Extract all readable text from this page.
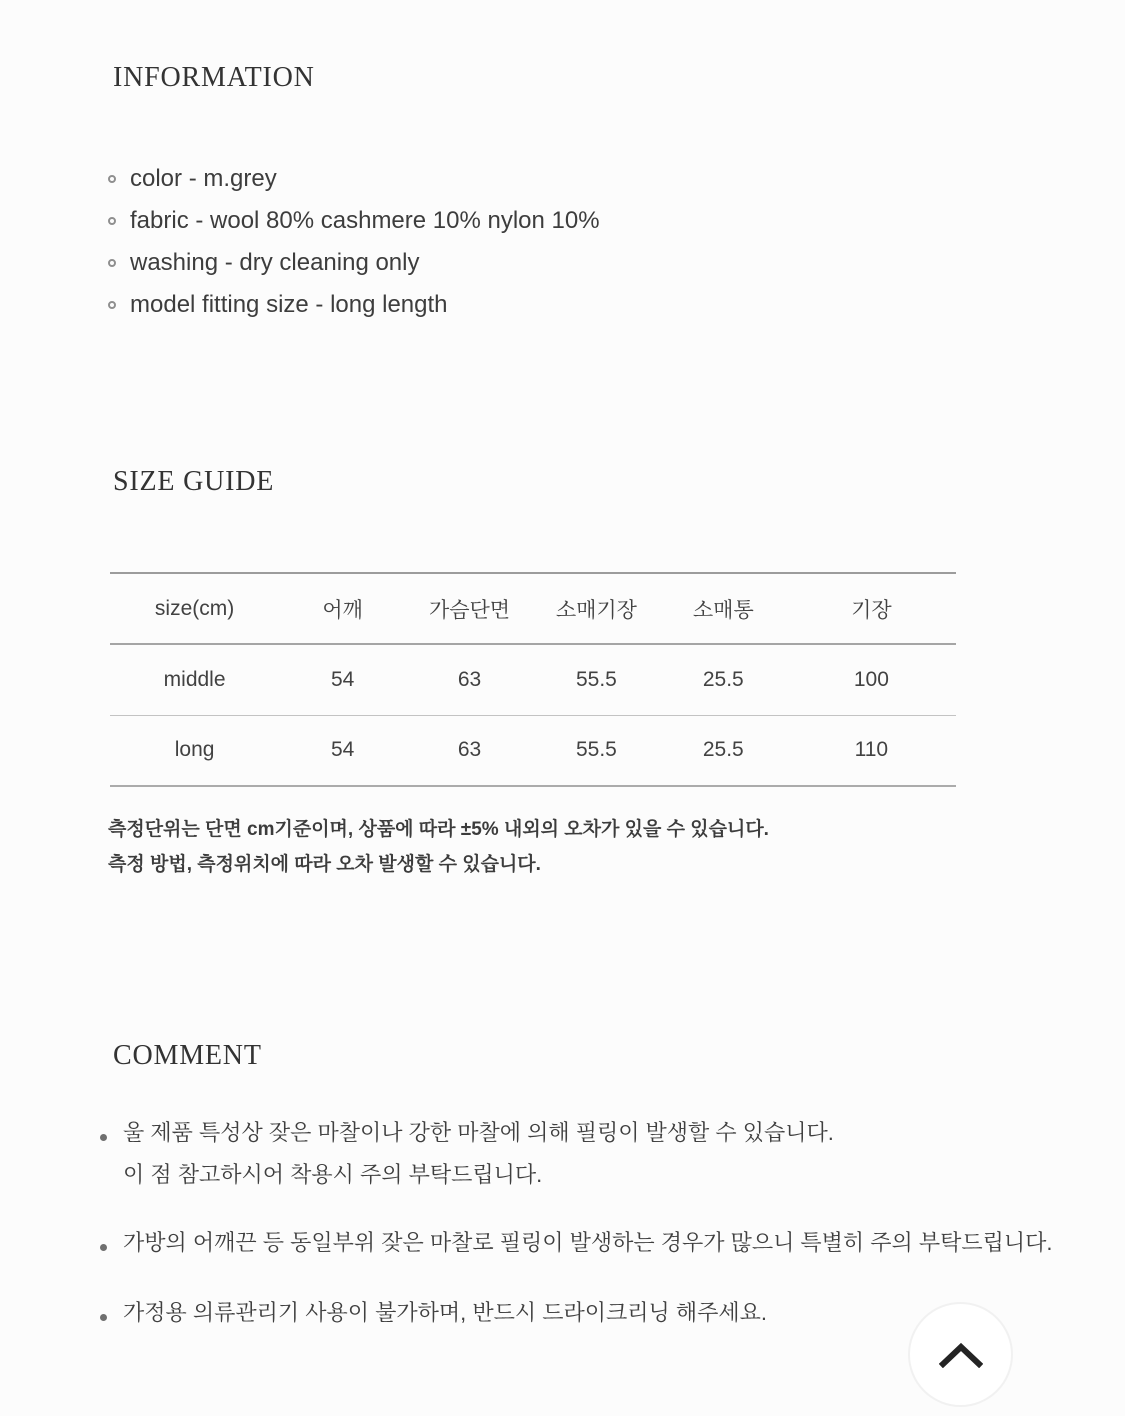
INFORMATION
color - m.grey
fabric - wool 80% cashmere 10% nylon 10%
washing - dry cleaning only
model fitting size - long length
SIZE GUIDE
size(cm)	어깨	가슴단면	소매기장	소매통	기장
middle	54	63	55.5	25.5	100
long	54	63	55.5	25.5	110
측정단위는 단면 cm기준이며, 상품에 따라 ±5% 내외의 오차가 있을 수 있습니다.
측정 방법, 측정위치에 따라 오차 발생할 수 있습니다.
COMMENT
울 제품 특성상 잦은 마찰이나 강한 마찰에 의해 필링이 발생할 수 있습니다.
이 점 참고하시어 착용시 주의 부탁드립니다.
가방의 어깨끈 등 동일부위 잦은 마찰로 필링이 발생하는 경우가 많으니 특별히 주의 부탁드립니다.
가정용 의류관리기 사용이 불가하며, 반드시 드라이크리닝 해주세요.
